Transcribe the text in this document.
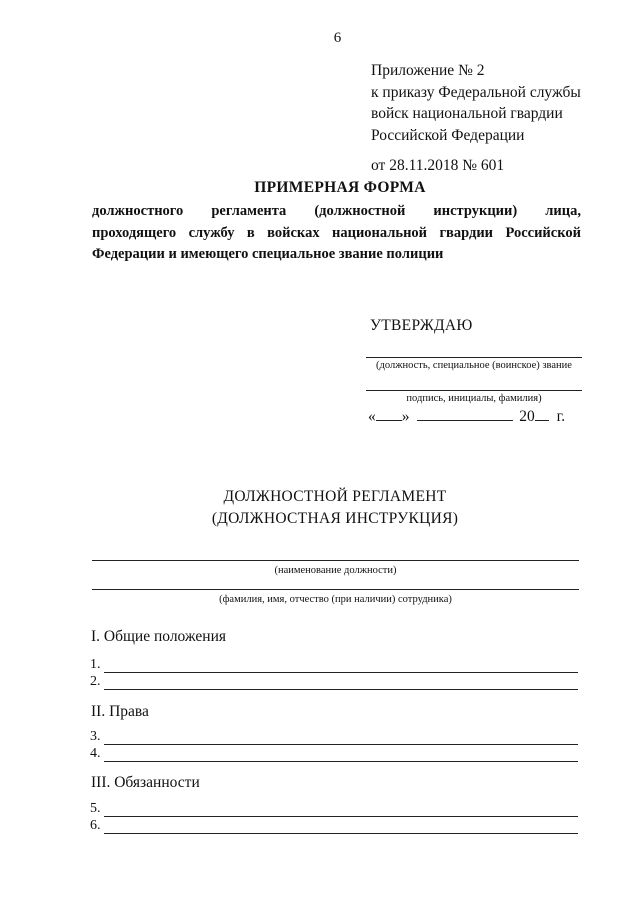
6
Приложение № 2
к приказу Федеральной службы
войск национальной гвардии
Российской Федерации
от 28.11.2018 № 601
ПРИМЕРНАЯ ФОРМА
должностного регламента (должностной инструкции) лица,
проходящего службу в войсках национальной гвардии Российской
Федерации и имеющего специальное звание полиции
УТВЕРЖДАЮ
(должность, специальное (воинское) звание
подпись, инициалы, фамилия)
« »	20 г.
ДОЛЖНОСТНОЙ РЕГЛАМЕНТ
(ДОЛЖНОСТНАЯ ИНСТРУКЦИЯ)
(наименование должности)
(фамилия, имя, отчество (при наличии) сотрудника)
I. Общие положения
1.
2.
II. Права
3.
4.
III. Обязанности
5.
6.
